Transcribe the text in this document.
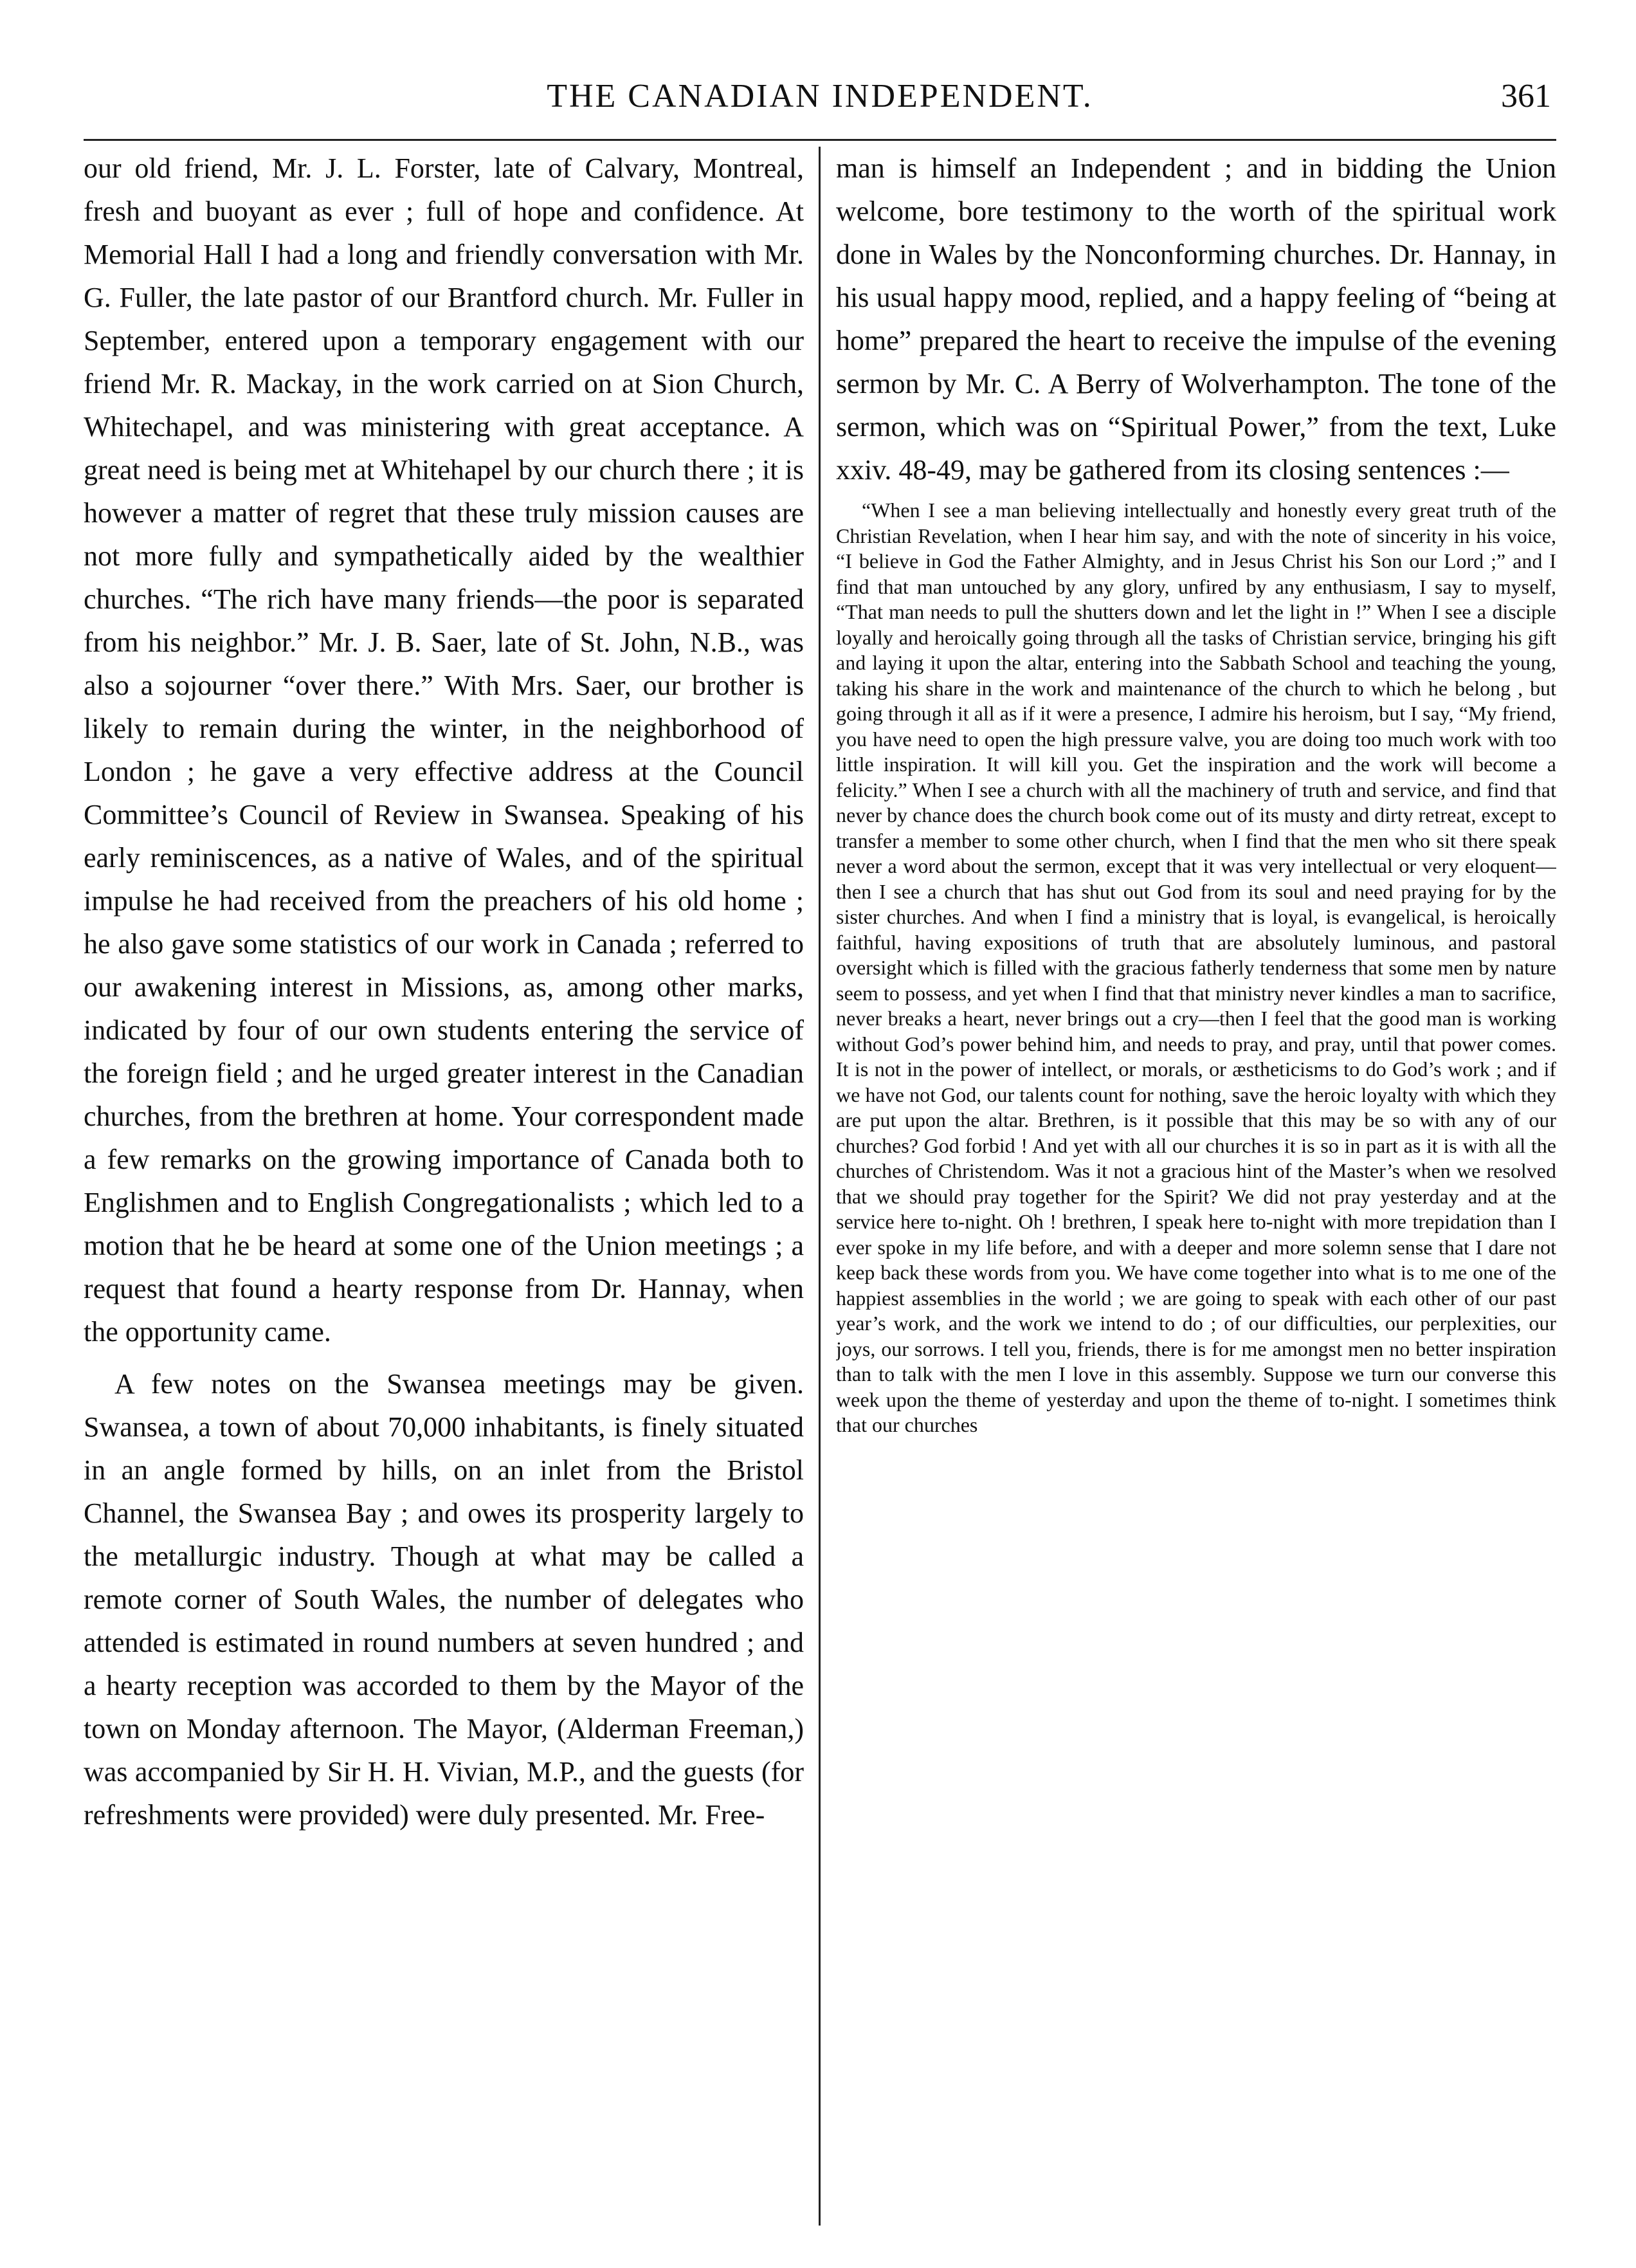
THE CANADIAN INDEPENDENT.	361

our old friend, Mr. J. L. Forster, late of Calvary, Montreal, fresh and buoyant as ever ; full of hope and confidence. At Memorial Hall I had a long and friendly conversation with Mr. G. Fuller, the late pastor of our Brantford church. Mr. Fuller in September, entered upon a temporary engagement with our friend Mr. R. Mackay, in the work carried on at Sion Church, Whitechapel, and was ministering with great acceptance. A great need is being met at Whitehapel by our church there ; it is however a matter of regret that these truly mission causes are not more fully and sympathetically aided by the wealthier churches. “The rich have many friends—the poor is separated from his neighbor.” Mr. J. B. Saer, late of St. John, N.B., was also a sojourner “over there.” With Mrs. Saer, our brother is likely to remain during the winter, in the neighborhood of London ; he gave a very effective address at the Council Committee’s Council of Review in Swansea. Speaking of his early reminiscences, as a native of Wales, and of the spiritual impulse he had received from the preachers of his old home ; he also gave some statistics of our work in Canada ; referred to our awakening interest in Missions, as, among other marks, indicated by four of our own students entering the service of the foreign field ; and he urged greater interest in the Canadian churches, from the brethren at home. Your correspondent made a few remarks on the growing importance of Canada both to Englishmen and to English Congregationalists ; which led to a motion that he be heard at some one of the Union meetings ; a request that found a hearty response from Dr. Hannay, when the opportunity came.

A few notes on the Swansea meetings may be given. Swansea, a town of about 70,000 inhabitants, is finely situated in an angle formed by hills, on an inlet from the Bristol Channel, the Swansea Bay ; and owes its prosperity largely to the metallurgic industry. Though at what may be called a remote corner of South Wales, the number of delegates who attended is estimated in round numbers at seven hundred ; and a hearty reception was accorded to them by the Mayor of the town on Monday afternoon. The Mayor, (Alderman Freeman,) was accompanied by Sir H. H. Vivian, M.P., and the guests (for refreshments were provided) were duly presented. Mr. Free-

man is himself an Independent ; and in bidding the Union welcome, bore testimony to the worth of the spiritual work done in Wales by the Nonconforming churches. Dr. Hannay, in his usual happy mood, replied, and a happy feeling of “being at home” prepared the heart to receive the impulse of the evening sermon by Mr. C. A Berry of Wolverhampton. The tone of the sermon, which was on “Spiritual Power,” from the text, Luke xxiv. 48-49, may be gathered from its closing sentences :—

“When I see a man believing intellectually and honestly every great truth of the Christian Revelation, when I hear him say, and with the note of sincerity in his voice, “I believe in God the Father Almighty, and in Jesus Christ his Son our Lord ;” and I find that man untouched by any glory, unfired by any enthusiasm, I say to myself, “That man needs to pull the shutters down and let the light in !” When I see a disciple loyally and heroically going through all the tasks of Christian service, bringing his gift and laying it upon the altar, entering into the Sabbath School and teaching the young, taking his share in the work and maintenance of the church to which he belong , but going through it all as if it were a presence, I admire his heroism, but I say, “My friend, you have need to open the high pressure valve, you are doing too much work with too little inspiration. It will kill you. Get the inspiration and the work will become a felicity.” When I see a church with all the machinery of truth and service, and find that never by chance does the church book come out of its musty and dirty retreat, except to transfer a member to some other church, when I find that the men who sit there speak never a word about the sermon, except that it was very intellectual or very eloquent—then I see a church that has shut out God from its soul and need praying for by the sister churches. And when I find a ministry that is loyal, is evangelical, is heroically faithful, having expositions of truth that are absolutely luminous, and pastoral oversight which is filled with the gracious fatherly tenderness that some men by nature seem to possess, and yet when I find that that ministry never kindles a man to sacrifice, never breaks a heart, never brings out a cry—then I feel that the good man is working without God’s power behind him, and needs to pray, and pray, until that power comes. It is not in the power of intellect, or morals, or æstheticisms to do God’s work ; and if we have not God, our talents count for nothing, save the heroic loyalty with which they are put upon the altar. Brethren, is it possible that this may be so with any of our churches? God forbid ! And yet with all our churches it is so in part as it is with all the churches of Christendom. Was it not a gracious hint of the Master’s when we resolved that we should pray together for the Spirit? We did not pray yesterday and at the service here to-night. Oh ! brethren, I speak here to-night with more trepidation than I ever spoke in my life before, and with a deeper and more solemn sense that I dare not keep back these words from you. We have come together into what is to me one of the happiest assemblies in the world ; we are going to speak with each other of our past year’s work, and the work we intend to do ; of our difficulties, our perplexities, our joys, our sorrows. I tell you, friends, there is for me amongst men no better inspiration than to talk with the men I love in this assembly. Suppose we turn our converse this week upon the theme of yesterday and upon the theme of to-night. I sometimes think that our churches
